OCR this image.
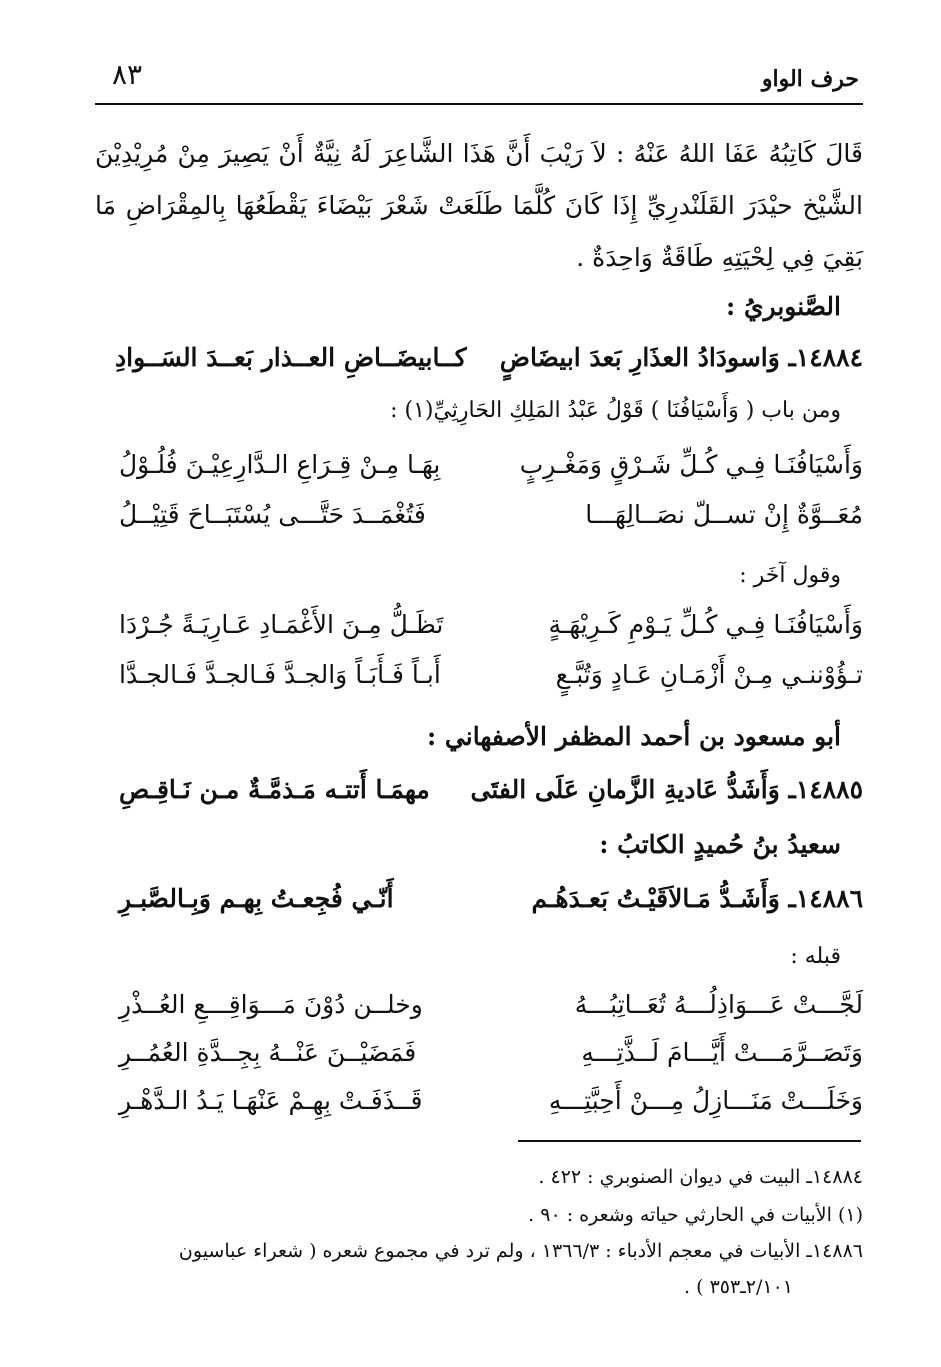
حرف الواو
٨٣
قَالَ كَاتِبُهُ عَفَا اللهُ عَنْهُ : لاَ رَيْبَ أَنَّ هَذَا الشَّاعِرَ لَهُ نِيَّةٌ أَنْ يَصِيرَ مِنْ مُرِيْدِيْنَ الشَّيْخ حيْدَرَ القَلَنْدرِيِّ إِذَا كَانَ كُلَّمَا طَلَعَتْ شَعْرَ بَيْضَاءَ يَقْطَعُهَا بِالمِقْرَاضِ مَا بَقِيَ فِي لِحْيَتِهِ طَاقَةٌ وَاحِدَةٌ .
الصَّنوبريُ :
١٤٨٨٤ـ وَاسودَادُ العذَارِ بَعدَ ابيضَاضٍ
كــابيضَــاضِ العــذار بَعــدَ السَــوادِ
ومن باب ( وَأَسْيَافُنَا ) قَوْلُ عَبْدُ المَلِكِ الحَارِثِيِّ(١) :
وَأَسْيَافُنَـا فِـي كُـلِّ شَـرْقٍ وَمَغْـرِبٍ
بِهَـا مِـنْ قِـرَاعِ الـدَّارِعِيْـنَ فُلُـوْلُ
مُعَــوَّةٌ إِنْ تســلّ نصَــالِهَـــا
فَتُغْمَــدَ حَتَّـــى يُسْتَبَــاحَ قَتِيْــلُ
وقول آخَر :
وَأَسْيَافُنَـا فِـي كُـلِّ يَـوْمِ كَـرِيْهَـةٍ
تَظَـلُّ مِـنَ الأَغْمَـادِ عَـارِيَـةً جُـرْدَا
تـؤُوْننـي مِـنْ أَزْمَـانِ عَـادٍ وَتُبَّـعٍ
أَبـاً فَـأَبَـاً وَالجـدَّ فَـالجـدَّ فَـالجـدَّا
أبو مسعود بن أحمد المظفر الأصفهاني :
١٤٨٨٥ـ وَأَشَدُّ عَاديةِ الزَّمانِ عَلَى الفتَى
مهمَـا أَتتـه مَـذمَّـةٌ مـن نَـاقِـصِ
سعيدُ بنُ حُميدٍ الكاتبُ :
١٤٨٨٦ـ وَأَشَـدُّ مَـالاَقَيْـتُ بَعـدَهُـم
أَنّـي فُجِعـتُ بِهـم وَبِـالصَّبـرِ
قبله :
لَجَّـــتْ عَـــوَاذِلُـــهُ تُعَــاتِبُـــهُ
وخلــن دُوْنَ مَـــوَاقِـــعِ العُــذْرِ
وَتَصَــرَّمَـــتْ أَيَّـــامَ لَــذَّتِـــهِ
فَمَضَيْــنَ عَنْــهُ بِجِــدَّةِ العُمُــرِ
وَخَلَـــتْ مَنَـــازِلُ مِـــنْ أَحِبَّتِـــهِ
قَــذَفَـتْ بِهِـمْ عَنْهَـا يَـدُ الـدَّهْـرِ
١٤٨٨٤ـ البيت في ديوان الصنوبري : ٤٢٢ .
(١) الأبيات في الحارثي حياته وشعره : ٩٠ .
١٤٨٨٦ـ الأبيات في معجم الأدباء : ١٣٦٦/٣ ، ولم ترد في مجموع شعره ( شعراء عباسيون
٢/١٠١ـ٣٥٣ ) .
